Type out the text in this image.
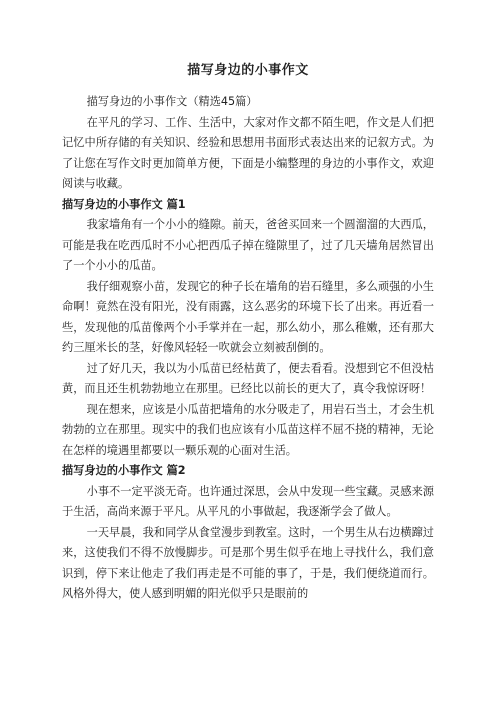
描写身边的小事作文

描写身边的小事作文（精选45篇）

在平凡的学习、工作、生活中，大家对作文都不陌生吧，作文是人们把记忆中所存储的有关知识、经验和思想用书面形式表达出来的记叙方式。为了让您在写作文时更加简单方便，下面是小编整理的身边的小事作文，欢迎阅读与收藏。

描写身边的小事作文 篇1

我家墙角有一个小小的缝隙。前天，爸爸买回来一个圆溜溜的大西瓜，可能是我在吃西瓜时不小心把西瓜子掉在缝隙里了，过了几天墙角居然冒出了一个小小的瓜苗。

我仔细观察小苗，发现它的种子长在墙角的岩石缝里，多么顽强的小生命啊！竟然在没有阳光，没有雨露，这么恶劣的环境下长了出来。再近看一些，发现他的瓜苗像两个小手掌并在一起，那么幼小，那么稚嫩，还有那大约三厘米长的茎，好像风轻轻一吹就会立刻被刮倒的。

过了好几天，我以为小瓜苗已经枯黄了，便去看看。没想到它不但没枯黄，而且还生机勃勃地立在那里。已经比以前长的更大了，真令我惊讶呀！

现在想来，应该是小瓜苗把墙角的水分吸走了，用岩石当土，才会生机勃勃的立在那里。现实中的我们也应该有小瓜苗这样不屈不挠的精神，无论在怎样的境遇里都要以一颗乐观的心面对生活。

描写身边的小事作文 篇2

小事不一定平淡无奇。也许通过深思，会从中发现一些宝藏。灵感来源于生活，高尚来源于平凡。从平凡的小事做起，我逐渐学会了做人。

一天早晨，我和同学从食堂漫步到教室。这时，一个男生从右边横蹿过来，这使我们不得不放慢脚步。可是那个男生似乎在地上寻找什么，我们意识到，停下来让他走了我们再走是不可能的事了，于是，我们便绕道而行。风格外得大，使人感到明媚的阳光似乎只是眼前的
